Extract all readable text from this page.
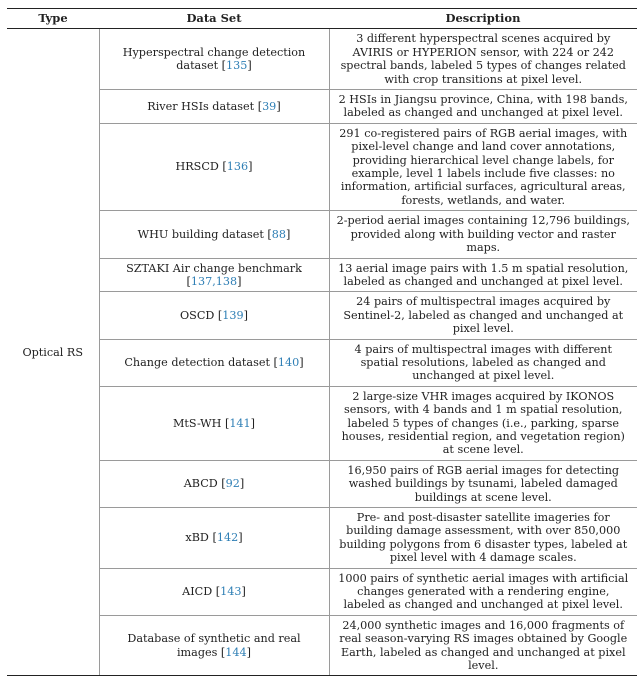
Type	Data Set	Description
Optical RS	Hyperspectral change detection dataset [135]	3 different hyperspectral scenes acquired by AVIRIS or HYPERION sensor, with 224 or 242 spectral bands, labeled 5 types of changes related with crop transitions at pixel level.
	River HSIs dataset [39]	2 HSIs in Jiangsu province, China, with 198 bands, labeled as changed and unchanged at pixel level.
	HRSCD [136]	291 co-registered pairs of RGB aerial images, with pixel-level change and land cover annotations, providing hierarchical level change labels, for example, level 1 labels include five classes: no information, artificial surfaces, agricultural areas, forests, wetlands, and water.
	WHU building dataset [88]	2-period aerial images containing 12,796 buildings, provided along with building vector and raster maps.
	SZTAKI Air change benchmark [137,138]	13 aerial image pairs with 1.5 m spatial resolution, labeled as changed and unchanged at pixel level.
	OSCD [139]	24 pairs of multispectral images acquired by Sentinel-2, labeled as changed and unchanged at pixel level.
	Change detection dataset [140]	4 pairs of multispectral images with different spatial resolutions, labeled as changed and unchanged at pixel level.
	MtS-WH [141]	2 large-size VHR images acquired by IKONOS sensors, with 4 bands and 1 m spatial resolution, labeled 5 types of changes (i.e., parking, sparse houses, residential region, and vegetation region) at scene level.
	ABCD [92]	16,950 pairs of RGB aerial images for detecting washed buildings by tsunami, labeled damaged buildings at scene level.
	xBD [142]	Pre- and post-disaster satellite imageries for building damage assessment, with over 850,000 building polygons from 6 disaster types, labeled at pixel level with 4 damage scales.
	AICD [143]	1000 pairs of synthetic aerial images with artificial changes generated with a rendering engine, labeled as changed and unchanged at pixel level.
	Database of synthetic and real images [144]	24,000 synthetic images and 16,000 fragments of real season-varying RS images obtained by Google Earth, labeled as changed and unchanged at pixel level.
